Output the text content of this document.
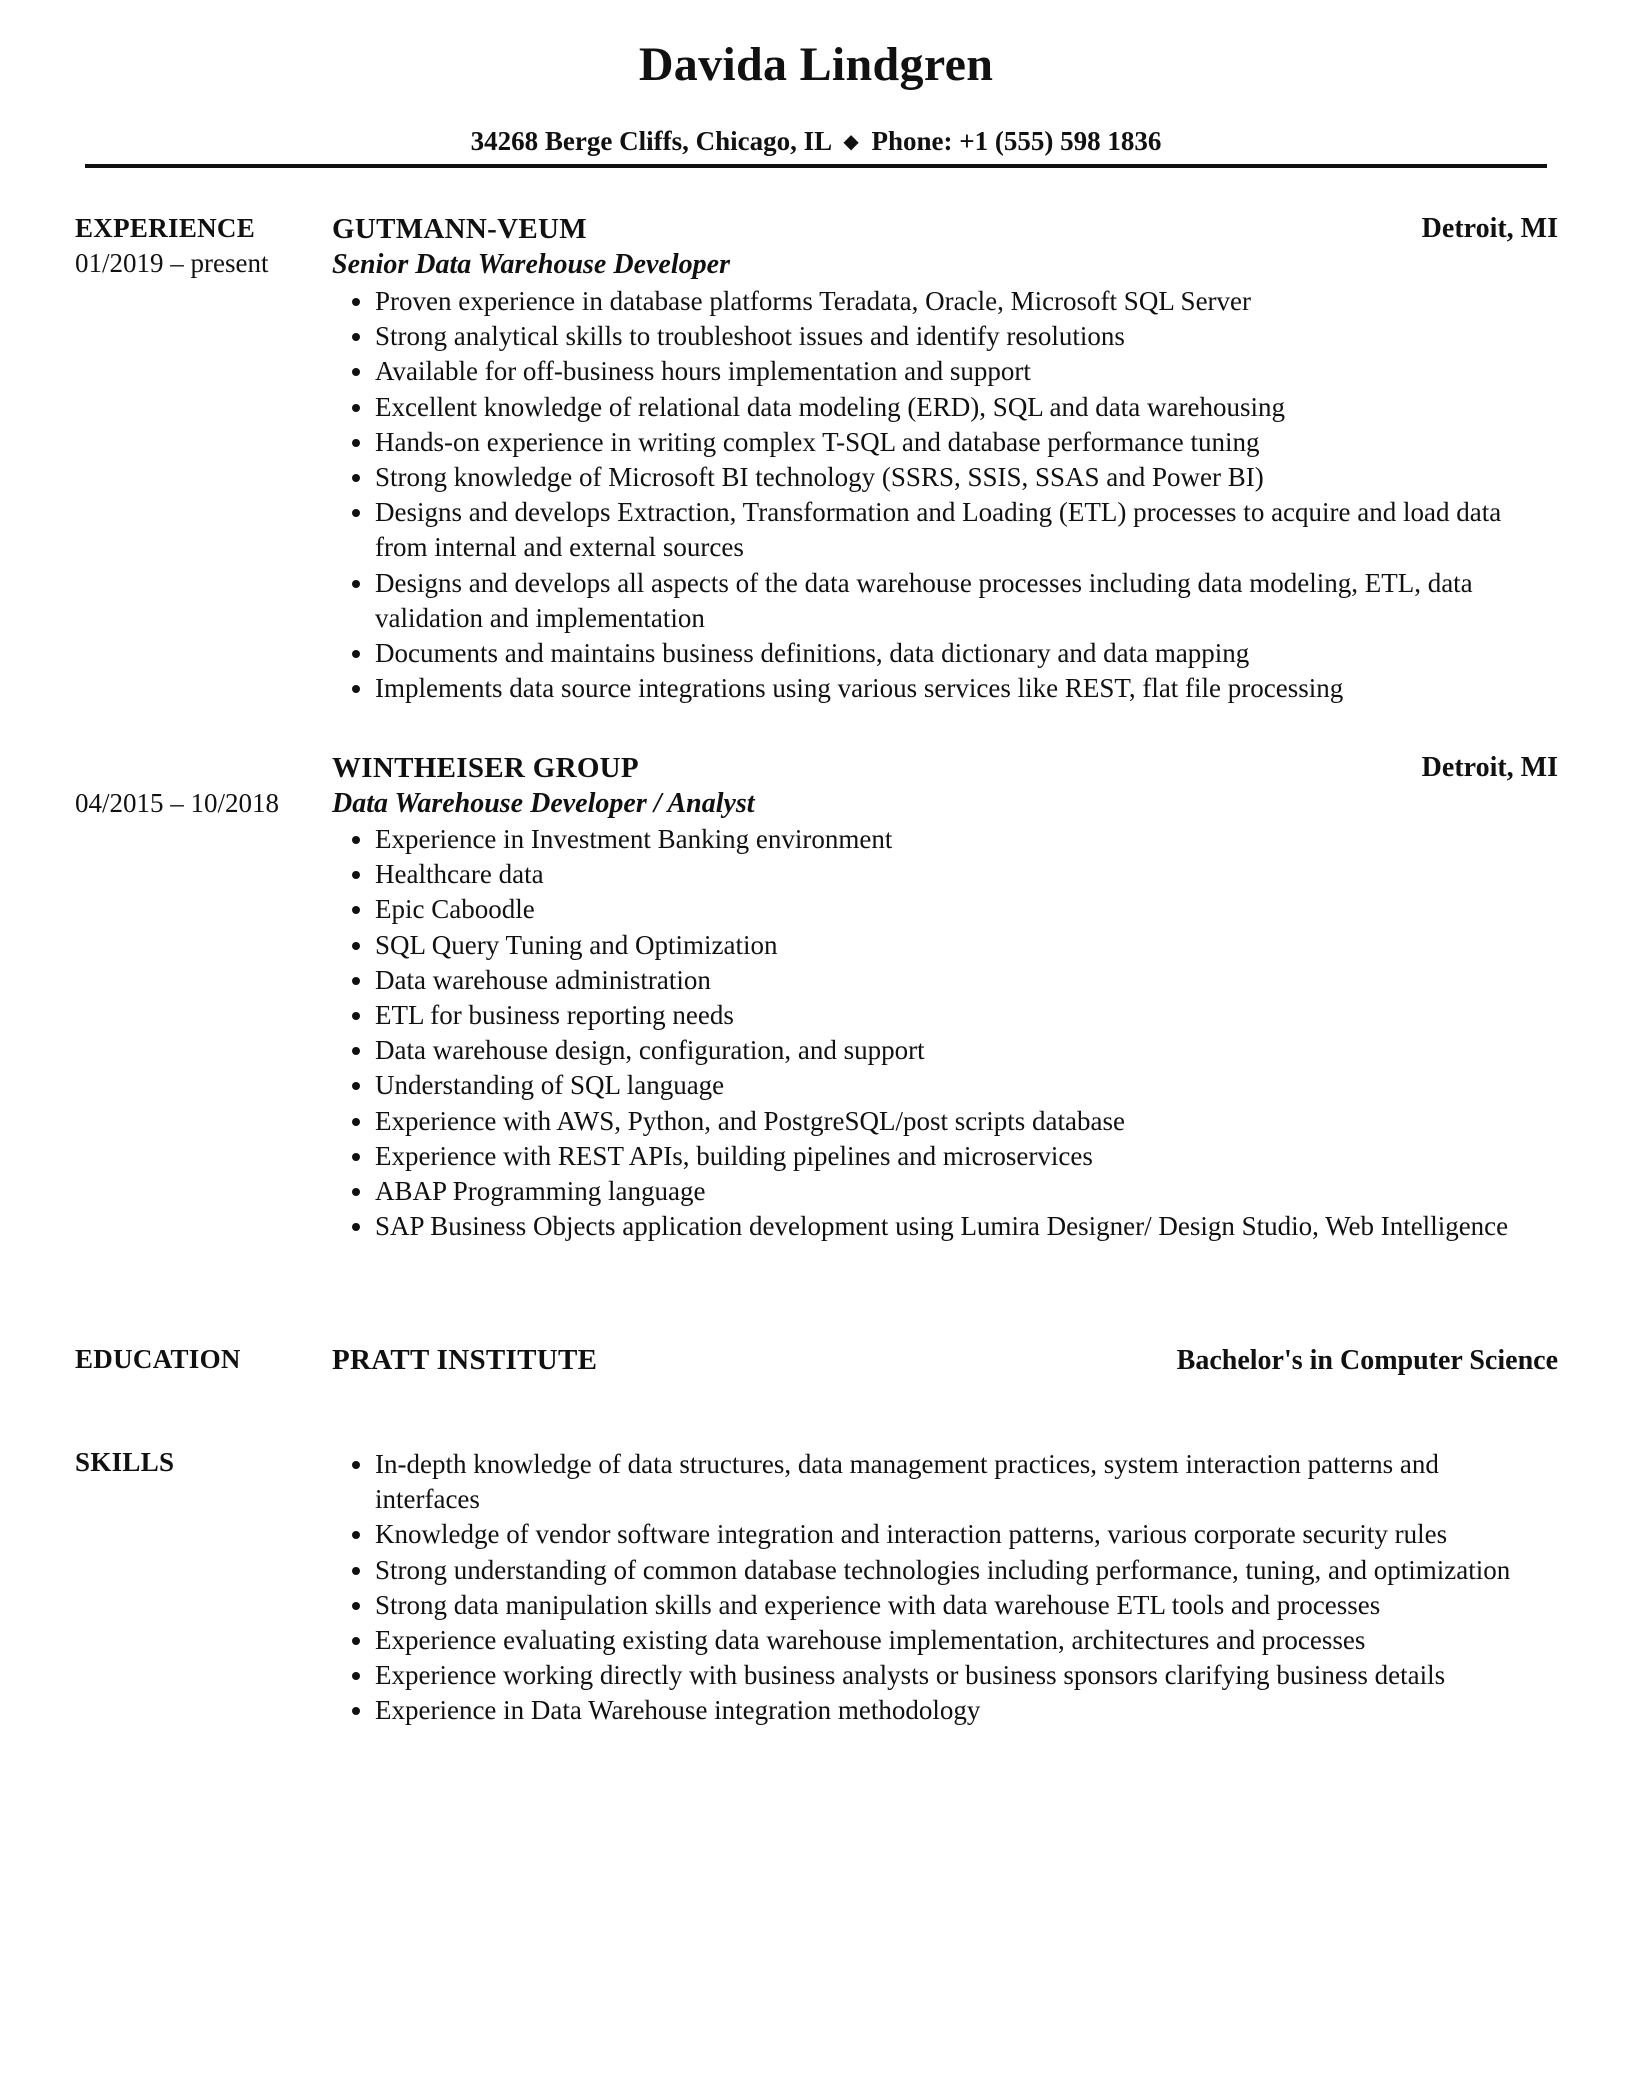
Davida Lindgren
34268 Berge Cliffs, Chicago, IL ◆ Phone: +1 (555) 598 1836
EXPERIENCE
01/2019 – present
GUTMANN-VEUM	Detroit, MI
Senior Data Warehouse Developer
Proven experience in database platforms Teradata, Oracle, Microsoft SQL Server
Strong analytical skills to troubleshoot issues and identify resolutions
Available for off-business hours implementation and support
Excellent knowledge of relational data modeling (ERD), SQL and data warehousing
Hands-on experience in writing complex T-SQL and database performance tuning
Strong knowledge of Microsoft BI technology (SSRS, SSIS, SSAS and Power BI)
Designs and develops Extraction, Transformation and Loading (ETL) processes to acquire and load data from internal and external sources
Designs and develops all aspects of the data warehouse processes including data modeling, ETL, data validation and implementation
Documents and maintains business definitions, data dictionary and data mapping
Implements data source integrations using various services like REST, flat file processing
WINTHEISER GROUP	Detroit, MI
04/2015 – 10/2018 Data Warehouse Developer / Analyst
Experience in Investment Banking environment
Healthcare data
Epic Caboodle
SQL Query Tuning and Optimization
Data warehouse administration
ETL for business reporting needs
Data warehouse design, configuration, and support
Understanding of SQL language
Experience with AWS, Python, and PostgreSQL/post scripts database
Experience with REST APIs, building pipelines and microservices
ABAP Programming language
SAP Business Objects application development using Lumira Designer/ Design Studio, Web Intelligence
EDUCATION	PRATT INSTITUTE	Bachelor's in Computer Science
SKILLS	In-depth knowledge of data structures, data management practices, system interaction patterns and interfaces
Knowledge of vendor software integration and interaction patterns, various corporate security rules
Strong understanding of common database technologies including performance, tuning, and optimization
Strong data manipulation skills and experience with data warehouse ETL tools and processes
Experience evaluating existing data warehouse implementation, architectures and processes
Experience working directly with business analysts or business sponsors clarifying business details
Experience in Data Warehouse integration methodology
